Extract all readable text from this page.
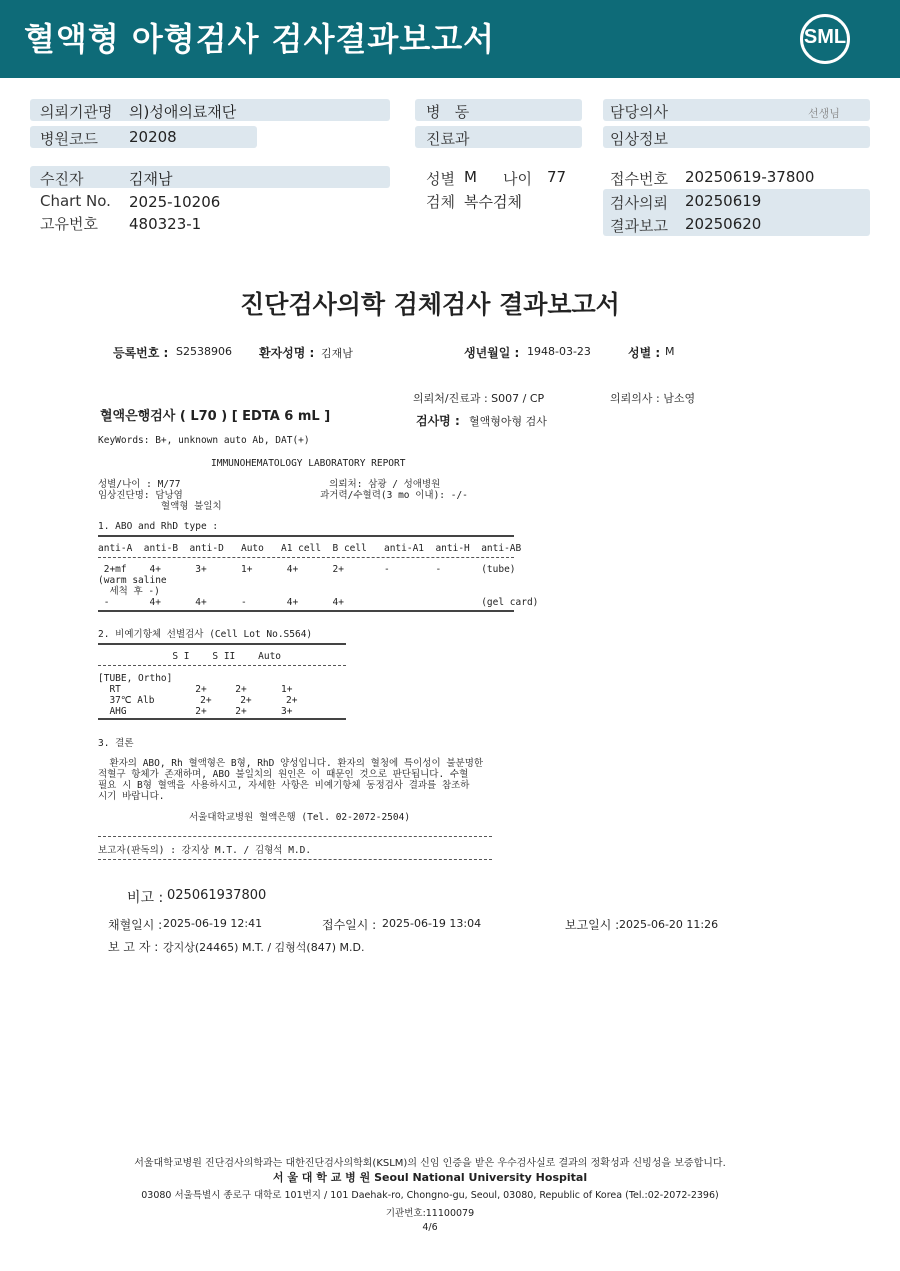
혈액형 아형검사 검사결과보고서	SML
의뢰기관명 의)성애의료재단
병원코드 20208
수진자	김재남
Chart No. 2025-10206
고유번호 480323-1
병   동
진료과
성별 M 나이 77
검체 복수검체
담당의사	선생님
임상정보
접수번호 20250619-37800
검사의뢰 20250619
결과보고 20250620
진단검사의학 검체검사 결과보고서
등록번호 : S2538906 환자성명 : 김재남	생년월일 : 1948-03-23	성별 : M
의뢰처/진료과 : S007 / CP	의뢰의사 : 남소영
혈액은행검사 ( L70 ) [ EDTA 6 mL ]	검사명 : 혈액형아형 검사
KeyWords: B+, unknown auto Ab, DAT(+)
IMMUNOHEMATOLOGY LABORATORY REPORT
성별/나이 : M/77                          의뢰처: 삼광 / 성애병원
임상진단명: 담낭염                        과거력/수혈력(3 mo 이내): -/-
혈액형 불일치
1. ABO and RhD type :
anti-A  anti-B  anti-D   Auto   A1 cell  B cell   anti-A1  anti-H  anti-AB
2+mf    4+      3+      1+      4+      2+       -        -       (tube)
(warm saline
세척 후 -)
-       4+      4+      -       4+      4+                        (gel card)
2. 비예기항체 선별검사 (Cell Lot No.S564)
S I    S II    Auto
[TUBE, Ortho]
RT             2+     2+      1+
37℃ Alb        2+     2+      2+
AHG            2+     2+      3+
3. 결론
환자의 ABO, Rh 혈액형은 B형, RhD 양성입니다. 환자의 혈청에 특이성이 불분명한
적혈구 항체가 존재하며, ABO 불일치의 원인은 이 때문인 것으로 판단됩니다. 수혈
필요 시 B형 혈액을 사용하시고, 자세한 사항은 비예기항체 동정검사 결과를 참조하
시기 바랍니다.
서울대학교병원 혈액은행 (Tel. 02-2072-2504)
보고자(판독의) : 강지상 M.T. / 김형석 M.D.
비고 : 025061937800
채혈일시 : 2025-06-19 12:41	접수일시 : 2025-06-19 13:04	보고일시 : 2025-06-20 11:26
보 고 자 : 강지상(24465) M.T. / 김형석(847) M.D.
서울대학교병원 진단검사의학과는 대한진단검사의학회(KSLM)의 신임 인증을 받은 우수검사실로 결과의 정확성과 신빙성을 보증합니다.
서 울 대 학 교 병 원 Seoul National University Hospital
03080 서울특별시 종로구 대학로 101번지 / 101 Daehak-ro, Chongno-gu, Seoul, 03080, Republic of Korea (Tel.:02-2072-2396)
기관번호:11100079
4/6
